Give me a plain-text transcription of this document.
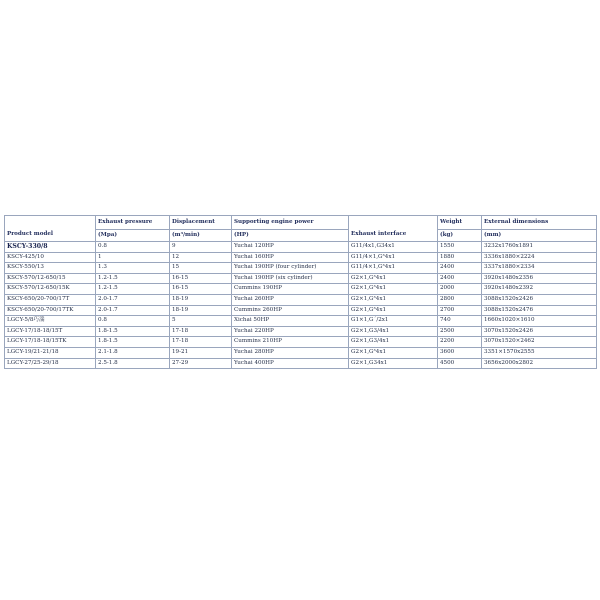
Product model	Exhaust pressure	Displacement	Supporting engine power	Exhaust interface	Weight	External dimensions
	(Mpa)	(m³/min)	(HP)		(kg)	(mm)
KSCY-330/8	0.8	9	Yuchai 120HP	G11/4x1,G34x1	1550	3232x1760x1891
KSCY-425/10	1	12	Yuchai 160HP	G11/4×1,G³4x1	1880	3336x1880×2224
KSCY-550/13	1.3	15	Yuchai 190HP (four cylinder)	G11/4×1,G³4x1	2400	3337x1880×2334
KSCY-570/12-650/15	1.2-1.5	16-15	Yuchai 190HP (six cylinder)	G2×1,G³4x1	2400	3920x1480x2356
KSCY-570/12-650/15K	1.2-1.5	16-15	Cummins 190HP	G2×1,G³4x1	2000	3920x1480x2392
KSCY-650/20-700/17T	2.0-1.7	18-19	Yuchai 260HP	G2×1,G³4x1	2800	3088x1520x2426
KSCY-650/20-700/17TK	2.0-1.7	18-19	Cummins 260HP	G2×1,G³4x1	2700	3088x1520x2476
LGCY-5/8巧湍	0.8	5	Xichai 50HP	G1×1,G´/2x1	740	1660x1020×1610
LGCY-17/18-18/15T	1.8-1.5	17-18	Yuchai 220HP	G2×1,G3/4x1	2500	3070x1520x2426
LGCY-17/18-18/15TK	1.8-1.5	17-18	Cummins 210HP	G2×1,G3/4x1	2200	3070x1520×2462
LGCY-19/21-21/18	2.1-1.8	19-21	Yuchai 280HP	G2×1,G³4x1	3600	3351×1570x2555
LGCY-27/25-29/18	2.5-1.8	27-29	Yuchai 400HP	G2×1,G34x1	4500	3656x2000x2802
